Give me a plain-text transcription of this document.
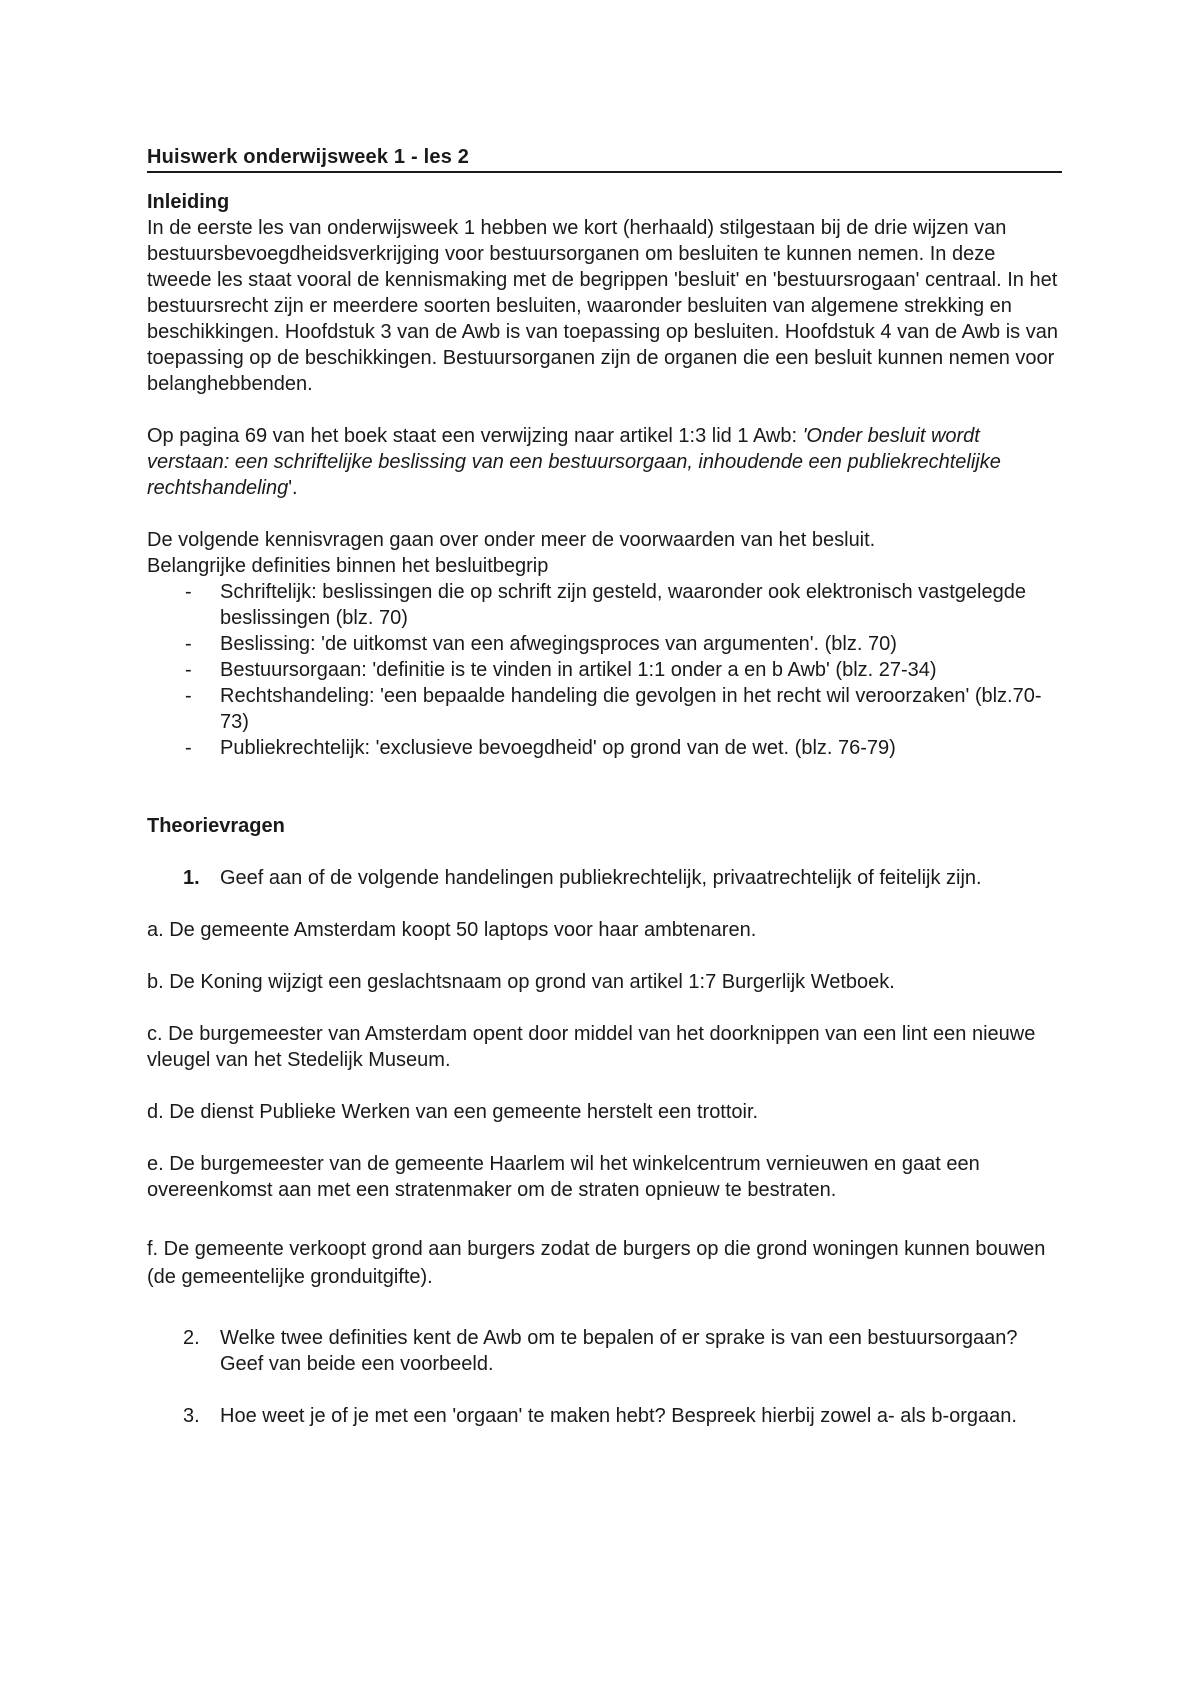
Huiswerk onderwijsweek 1 - les 2
Inleiding

In de eerste les van onderwijsweek 1 hebben we kort (herhaald) stilgestaan bij de drie wijzen van bestuursbevoegdheidsverkrijging voor bestuursorganen om besluiten te kunnen nemen. In deze tweede les staat vooral de kennismaking met de begrippen 'besluit' en 'bestuursrogaan' centraal. In het bestuursrecht zijn er meerdere soorten besluiten, waaronder besluiten van algemene strekking en beschikkingen. Hoofdstuk 3 van de Awb is van toepassing op besluiten. Hoofdstuk 4 van de Awb is van toepassing op de beschikkingen. Bestuursorganen zijn de organen die een besluit kunnen nemen voor belanghebbenden.

Op pagina 69 van het boek staat een verwijzing naar artikel 1:3 lid 1 Awb: 'Onder besluit wordt verstaan: een schriftelijke beslissing van een bestuursorgaan, inhoudende een publiekrechtelijke rechtshandeling'.

De volgende kennisvragen gaan over onder meer de voorwaarden van het besluit.

Belangrijke definities binnen het besluitbegrip

- Schriftelijk: beslissingen die op schrift zijn gesteld, waaronder ook elektronisch vastgelegde beslissingen (blz. 70)
- Beslissing: 'de uitkomst van een afwegingsproces van argumenten'. (blz. 70)
- Bestuursorgaan: 'definitie is te vinden in artikel 1:1 onder a en b Awb' (blz. 27-34)
- Rechtshandeling: 'een bepaalde handeling die gevolgen in het recht wil veroorzaken' (blz.70-73)
- Publiekrechtelijk: 'exclusieve bevoegdheid' op grond van de wet. (blz. 76-79)
Theorievragen
1. Geef aan of de volgende handelingen publiekrechtelijk, privaatrechtelijk of feitelijk zijn.

a. De gemeente Amsterdam koopt 50 laptops voor haar ambtenaren.

b. De Koning wijzigt een geslachtsnaam op grond van artikel 1:7 Burgerlijk Wetboek.

c. De burgemeester van Amsterdam opent door middel van het doorknippen van een lint een nieuwe vleugel van het Stedelijk Museum.

d. De dienst Publieke Werken van een gemeente herstelt een trottoir.

e. De burgemeester van de gemeente Haarlem wil het winkelcentrum vernieuwen en gaat een overeenkomst aan met een stratenmaker om de straten opnieuw te bestraten.

f. De gemeente verkoopt grond aan burgers zodat de burgers op die grond woningen kunnen bouwen (de gemeentelijke gronduitgifte).

2. Welke twee definities kent de Awb om te bepalen of er sprake is van een bestuursorgaan? Geef van beide een voorbeeld.
3. Hoe weet je of je met een 'orgaan' te maken hebt? Bespreek hierbij zowel a- als b-orgaan.
